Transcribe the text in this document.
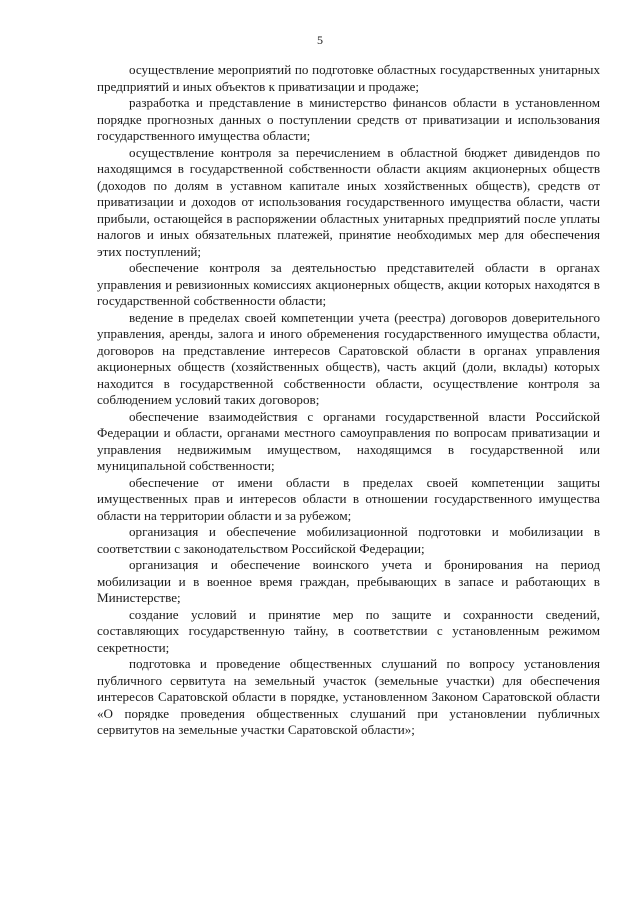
5

осуществление мероприятий по подготовке областных государственных унитарных предприятий и иных объектов к приватизации и продаже;

разработка и представление в министерство финансов области в установленном порядке прогнозных данных о поступлении средств от приватизации и использования государственного имущества области;

осуществление контроля за перечислением в областной бюджет дивидендов по находящимся в государственной собственности области акциям акционерных обществ (доходов по долям в уставном капитале иных хозяйственных обществ), средств от приватизации и доходов от использования государственного имущества области, части прибыли, остающейся в распоряжении областных унитарных предприятий после уплаты налогов и иных обязательных платежей, принятие необходимых мер для обеспечения этих поступлений;

обеспечение контроля за деятельностью представителей области в органах управления и ревизионных комиссиях акционерных обществ, акции которых находятся в государственной собственности области;

ведение в пределах своей компетенции учета (реестра) договоров доверительного управления, аренды, залога и иного обременения государственного имущества области, договоров на представление интересов Саратовской области в органах управления акционерных обществ (хозяйственных обществ), часть акций (доли, вклады) которых находится в государственной собственности области, осуществление контроля за соблюдением условий таких договоров;

обеспечение взаимодействия с органами государственной власти Российской Федерации и области, органами местного самоуправления по вопросам приватизации и управления недвижимым имуществом, находящимся в государственной или муниципальной собственности;

обеспечение от имени области в пределах своей компетенции защиты имущественных прав и интересов области в отношении государственного имущества области на территории области и за рубежом;

организация и обеспечение мобилизационной подготовки и мобилизации в соответствии с законодательством Российской Федерации;

организация и обеспечение воинского учета и бронирования на период мобилизации и в военное время граждан, пребывающих в запасе и работающих в Министерстве;

создание условий и принятие мер по защите и сохранности сведений, составляющих государственную тайну, в соответствии с установленным режимом секретности;

подготовка и проведение общественных слушаний по вопросу установления публичного сервитута на земельный участок (земельные участки) для обеспечения интересов Саратовской области в порядке, установленном Законом Саратовской области «О порядке проведения общественных слушаний при установлении публичных сервитутов на земельные участки Саратовской области»;
